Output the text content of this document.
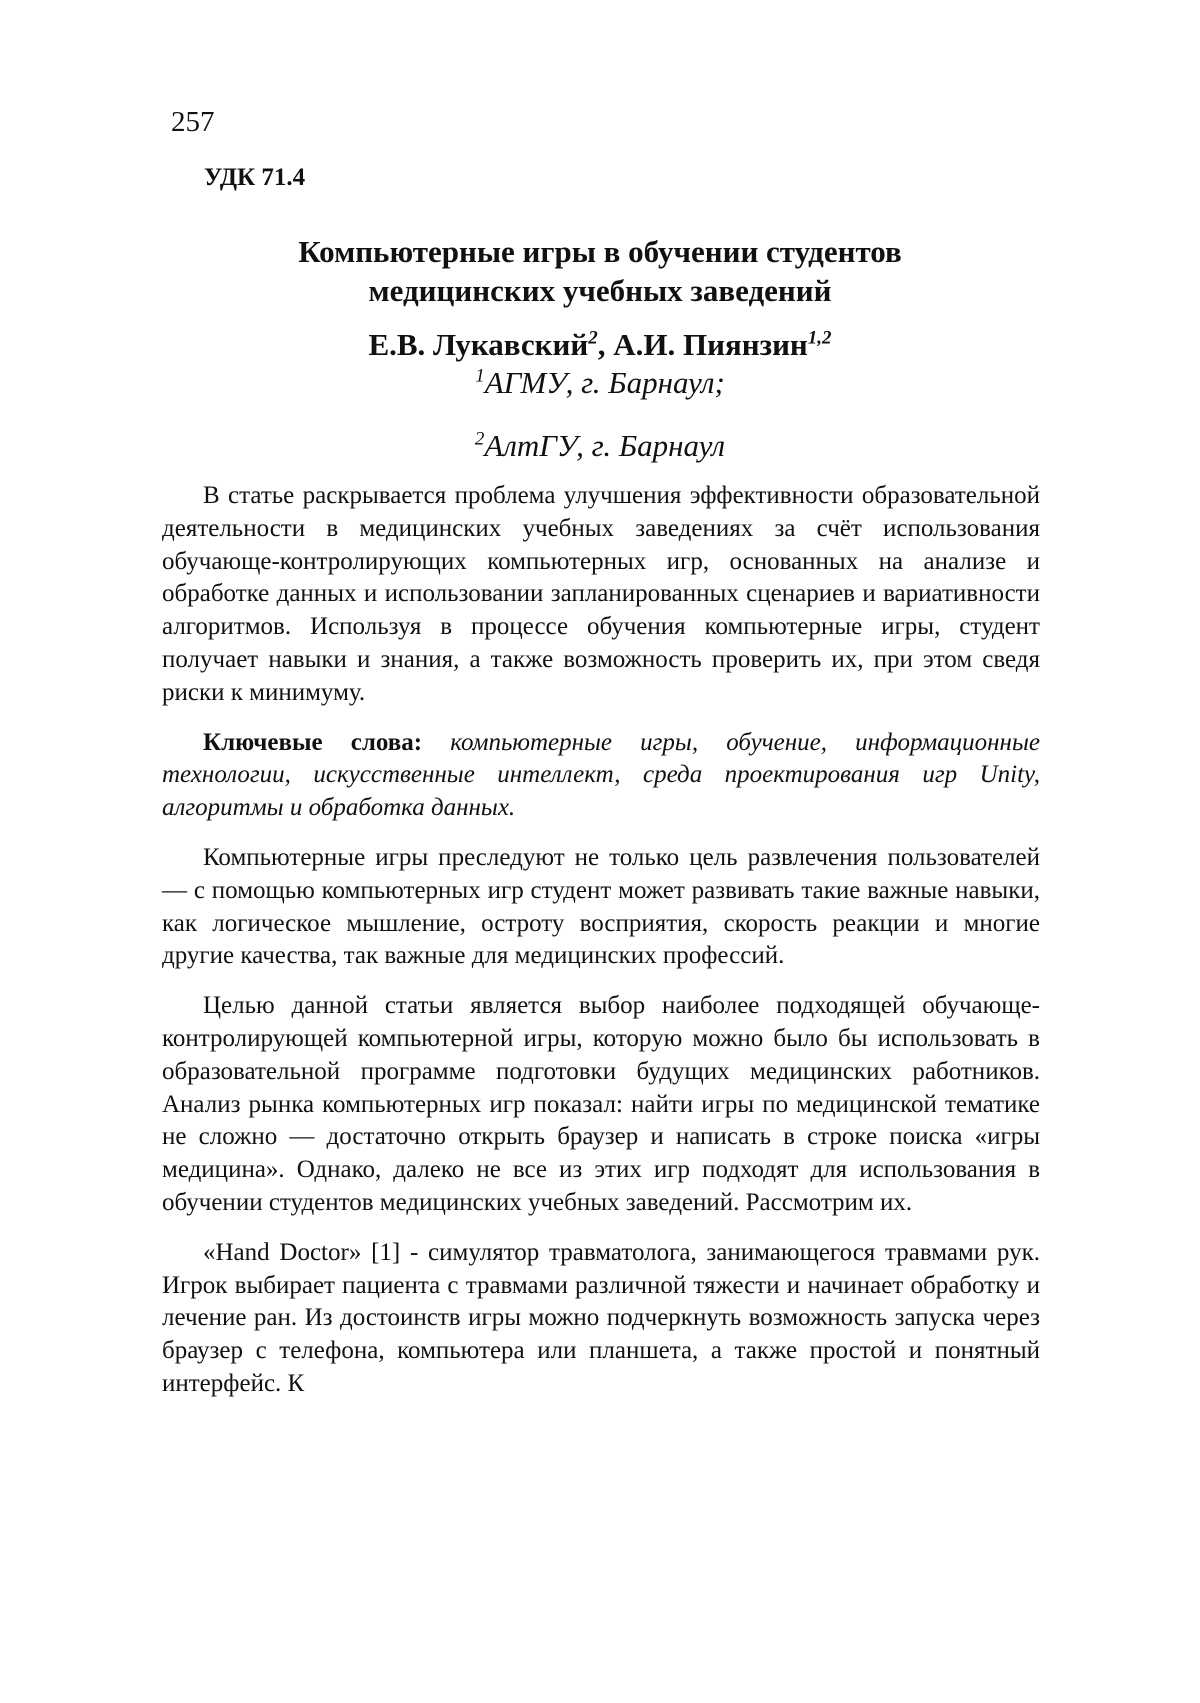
257
УДК 71.4
Компьютерные игры в обучении студентов
медицинских учебных заведений
Е.В. Лукавский$^2$, А.И. Пиянзин$^{1,2}$
$^1$АГМУ, г. Барнаул;
$^2$АлтГУ, г. Барнаул

В статье раскрывается проблема улучшения эффективности образовательной деятельности в медицинских учебных заведениях за счёт использования обучающе-контролирующих компьютерных игр, основанных на анализе и обработке данных и использовании запланированных сценариев и вариативности алгоритмов. Используя в процессе обучения компьютерные игры, студент получает навыки и знания, а также возможность проверить их, при этом сведя риски к минимуму.

Ключевые слова: компьютерные игры, обучение, информационные технологии, искусственные интеллект, среда проектирования игр Unity, алгоритмы и обработка данных.

Компьютерные игры преследуют не только цель развлечения пользователей — с помощью компьютерных игр студент может развивать такие важные навыки, как логическое мышление, остроту восприятия, скорость реакции и многие другие качества, так важные для медицинских профессий.

Целью данной статьи является выбор наиболее подходящей обучающе-контролирующей компьютерной игры, которую можно было бы использовать в образовательной программе подготовки будущих медицинских работников. Анализ рынка компьютерных игр показал: найти игры по медицинской тематике не сложно — достаточно открыть браузер и написать в строке поиска «игры медицина». Однако, далеко не все из этих игр подходят для использования в обучении студентов медицинских учебных заведений. Рассмотрим их.

«Hand Doctor» [1] - симулятор травматолога, занимающегося травмами рук. Игрок выбирает пациента с травмами различной тяжести и начинает обработку и лечение ран. Из достоинств игры можно подчеркнуть возможность запуска через браузер с телефона, компьютера или планшета, а также простой и понятный интерфейс. К
